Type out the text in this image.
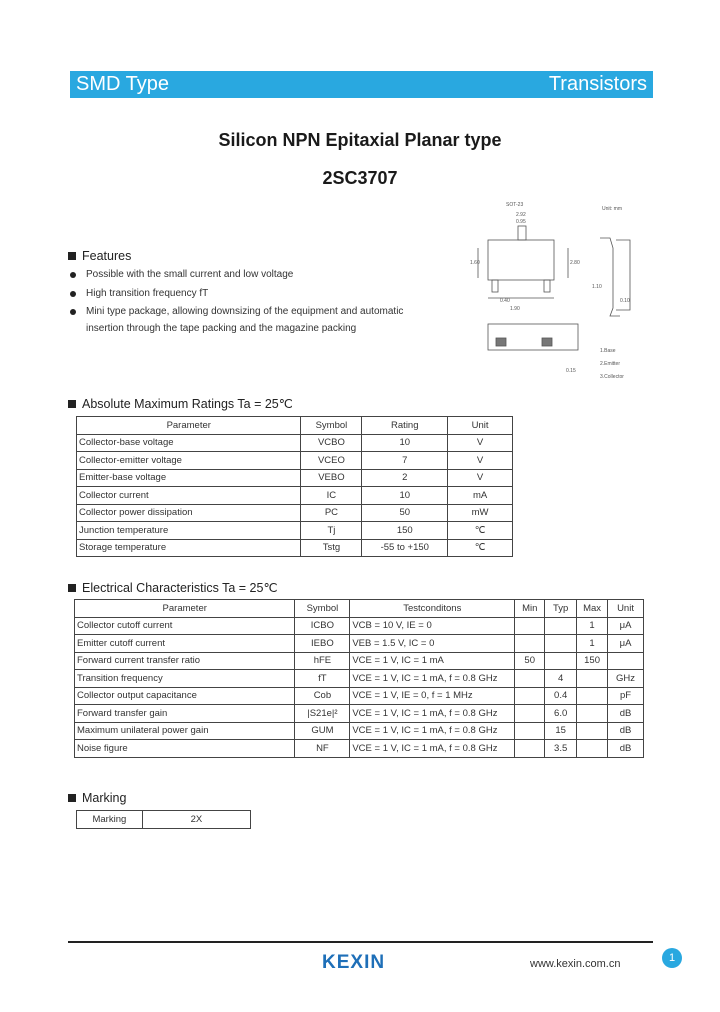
SMD Type	Transistors
Silicon NPN Epitaxial Planar type
2SC3707
SOT-23
Unit: mm
2.92
0.95
1.60	2.80
1.90
0.40	0.10
1.10
0.15
1.Base
2.Emitter
3.Collector
Features
Possible with the small current and low voltage
High transition frequency fT
Mini type package, allowing downsizing of the equipment and automatic
insertion through the tape packing and the magazine packing
Absolute Maximum Ratings Ta = 25℃
Parameter	Symbol	Rating	Unit
Collector-base voltage	VCBO	10	V
Collector-emitter voltage	VCEO	7	V
Emitter-base voltage	VEBO	2	V
Collector current	IC	10	mA
Collector power dissipation	PC	50	mW
Junction temperature	Tj	150	℃
Storage temperature	Tstg	-55 to +150	℃
Electrical Characteristics Ta = 25℃
Parameter	Symbol	Testconditons	Min	Typ	Max	Unit
Collector cutoff current	ICBO	VCB = 10 V, IE = 0			1	μA
Emitter cutoff current	IEBO	VEB = 1.5 V, IC = 0			1	μA
Forward current transfer ratio	hFE	VCE = 1 V, IC = 1 mA	50		150	
Transition frequency	fT	VCE = 1 V, IC = 1 mA, f = 0.8 GHz		4		GHz
Collector output capacitance	Cob	VCE = 1 V, IE = 0, f = 1 MHz		0.4		pF
Forward transfer gain	|S21e|²	VCE = 1 V, IC = 1 mA, f = 0.8 GHz		6.0		dB
Maximum unilateral power gain	GUM	VCE = 1 V, IC = 1 mA, f = 0.8 GHz		15		dB
Noise figure	NF	VCE = 1 V, IC = 1 mA, f = 0.8 GHz		3.5		dB
Marking
Marking	2X
KEXIN	www.kexin.com.cn	1
